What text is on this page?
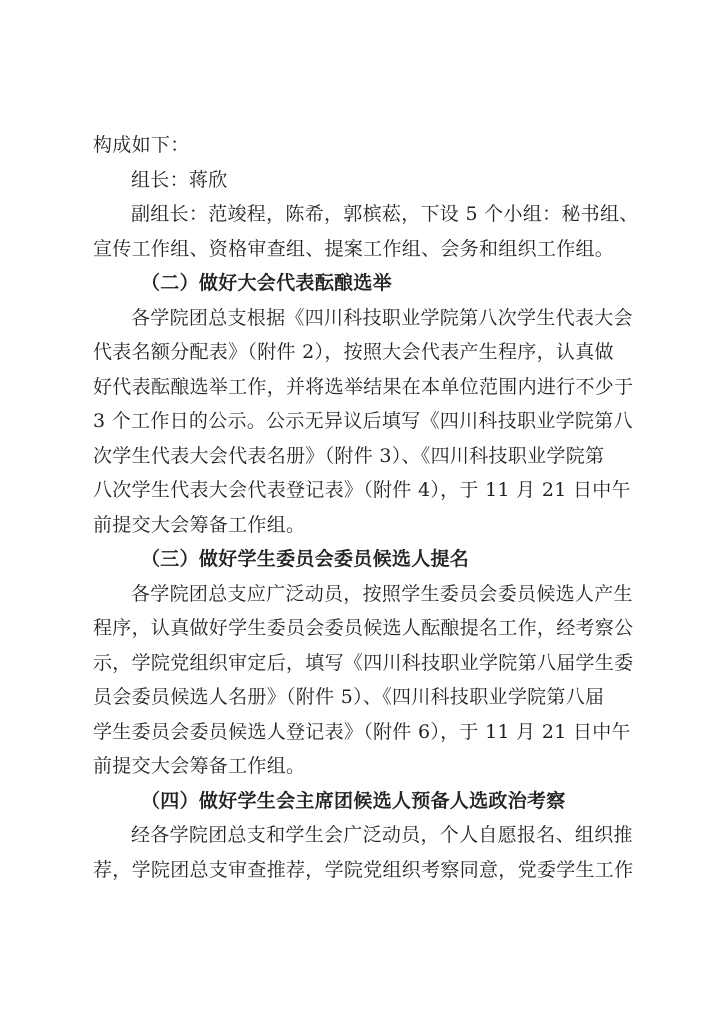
构成如下：
组长：蒋欣
副组长：范竣程，陈希，郭槟菘，下设 5 个小组：秘书组、
宣传工作组、资格审查组、提案工作组、会务和组织工作组。
（二）做好大会代表酝酿选举
各学院团总支根据《四川科技职业学院第八次学生代表大会
代表名额分配表》（附件 2），按照大会代表产生程序，认真做
好代表酝酿选举工作，并将选举结果在本单位范围内进行不少于
3 个工作日的公示。公示无异议后填写《四川科技职业学院第八
次学生代表大会代表名册》（附件 3）、《四川科技职业学院第
八次学生代表大会代表登记表》（附件 4），于 11 月 21 日中午
前提交大会筹备工作组。
（三）做好学生委员会委员候选人提名
各学院团总支应广泛动员，按照学生委员会委员候选人产生
程序，认真做好学生委员会委员候选人酝酿提名工作，经考察公
示，学院党组织审定后，填写《四川科技职业学院第八届学生委
员会委员候选人名册》（附件 5）、《四川科技职业学院第八届
学生委员会委员候选人登记表》（附件 6），于 11 月 21 日中午
前提交大会筹备工作组。
（四）做好学生会主席团候选人预备人选政治考察
经各学院团总支和学生会广泛动员，个人自愿报名、组织推
荐，学院团总支审查推荐，学院党组织考察同意，党委学生工作
